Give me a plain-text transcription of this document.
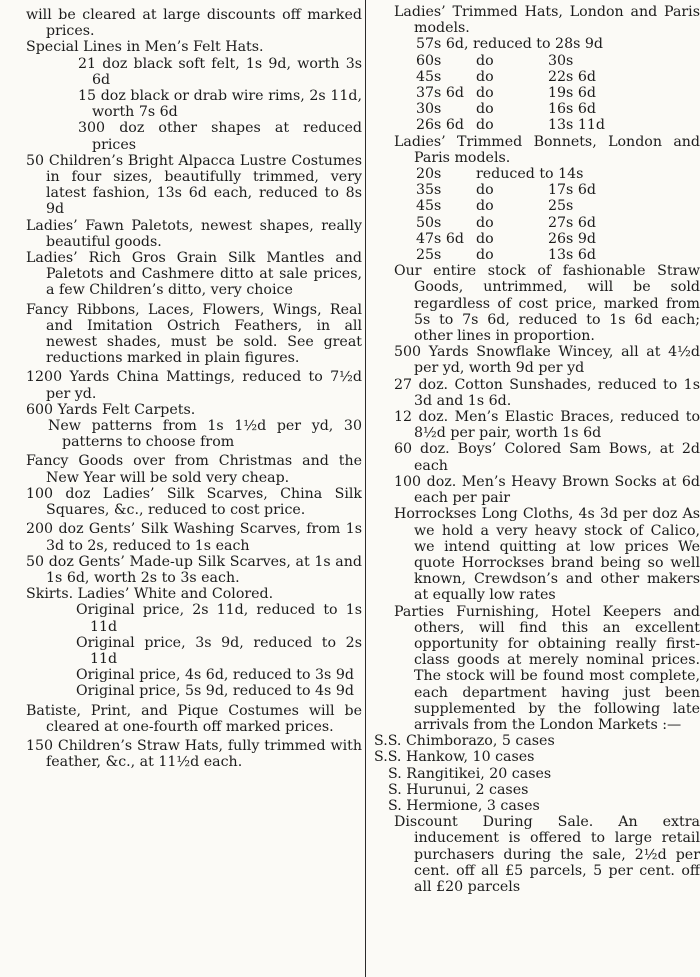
will be cleared at large discounts off marked prices.

Special Lines in Men’s Felt Hats.

21 doz black soft felt, 1s 9d, worth 3s 6d

15 doz black or drab wire rims, 2s 11d, worth 7s 6d

300 doz other shapes at reduced prices

50 Children’s Bright Alpacca Lustre Costumes in four sizes, beautifully trimmed, very latest fashion, 13s 6d each, reduced to 8s 9d

Ladies’ Fawn Paletots, newest shapes, really beautiful goods.

Ladies’ Rich Gros Grain Silk Mantles and Paletots and Cashmere ditto at sale prices, a few Children’s ditto, very choice

Fancy Ribbons, Laces, Flowers, Wings, Real and Imitation Ostrich Feathers, in all newest shades, must be sold. See great reductions marked in plain figures.

1200 Yards China Mattings, reduced to 7½d per yd.

600 Yards Felt Carpets.

New patterns from 1s 1½d per yd, 30 patterns to choose from

Fancy Goods over from Christmas and the New Year will be sold very cheap.

100 doz Ladies’ Silk Scarves, China Silk Squares, &c., reduced to cost price.

200 doz Gents’ Silk Washing Scarves, from 1s 3d to 2s, reduced to 1s each

50 doz Gents’ Made-up Silk Scarves, at 1s and 1s 6d, worth 2s to 3s each.

Skirts. Ladies’ White and Colored.

Original price, 2s 11d, reduced to 1s 11d

Original price, 3s 9d, reduced to 2s 11d

Original price, 4s 6d, reduced to 3s 9d

Original price, 5s 9d, reduced to 4s 9d

Batiste, Print, and Pique Costumes will be cleared at one-fourth off marked prices.

150 Children’s Straw Hats, fully trimmed with feather, &c., at 11½d each.

Ladies’ Trimmed Hats, London and Paris models.

57s 6d, reduced to 28s 9d		
60s	do	30s
45s	do	22s 6d
37s 6d	do	19s 6d
30s	do	16s 6d
26s 6d	do	13s 11d

Ladies’ Trimmed Bonnets, London and Paris models.

20s	reduced to 14s	
35s	do	17s 6d
45s	do	25s
50s	do	27s 6d
47s 6d	do	26s 9d
25s	do	13s 6d

Our entire stock of fashionable Straw Goods, untrimmed, will be sold regardless of cost price, marked from 5s to 7s 6d, reduced to 1s 6d each; other lines in proportion.

500 Yards Snowflake Wincey, all at 4½d per yd, worth 9d per yd

27 doz. Cotton Sunshades, reduced to 1s 3d and 1s 6d.

12 doz. Men’s Elastic Braces, reduced to 8½d per pair, worth 1s 6d

60 doz. Boys’ Colored Sam Bows, at 2d each

100 doz. Men’s Heavy Brown Socks at 6d each per pair

Horrockses Long Cloths, 4s 3d per doz As we hold a very heavy stock of Calico, we intend quitting at low prices We quote Horrockses brand being so well known, Crewdson’s and other makers at equally low rates

Parties Furnishing, Hotel Keepers and others, will find this an excellent opportunity for obtaining really first-class goods at merely nominal prices. The stock will be found most complete, each department having just been supplemented by the following late arrivals from the London Markets :—

S.S. Chimborazo, 5 cases

S.S. Hankow, 10 cases

S. Rangitikei, 20 cases

S. Hurunui, 2 cases

S. Hermione, 3 cases

Discount During Sale. An extra inducement is offered to large retail purchasers during the sale, 2½d per cent. off all £5 parcels, 5 per cent. off all £20 parcels
